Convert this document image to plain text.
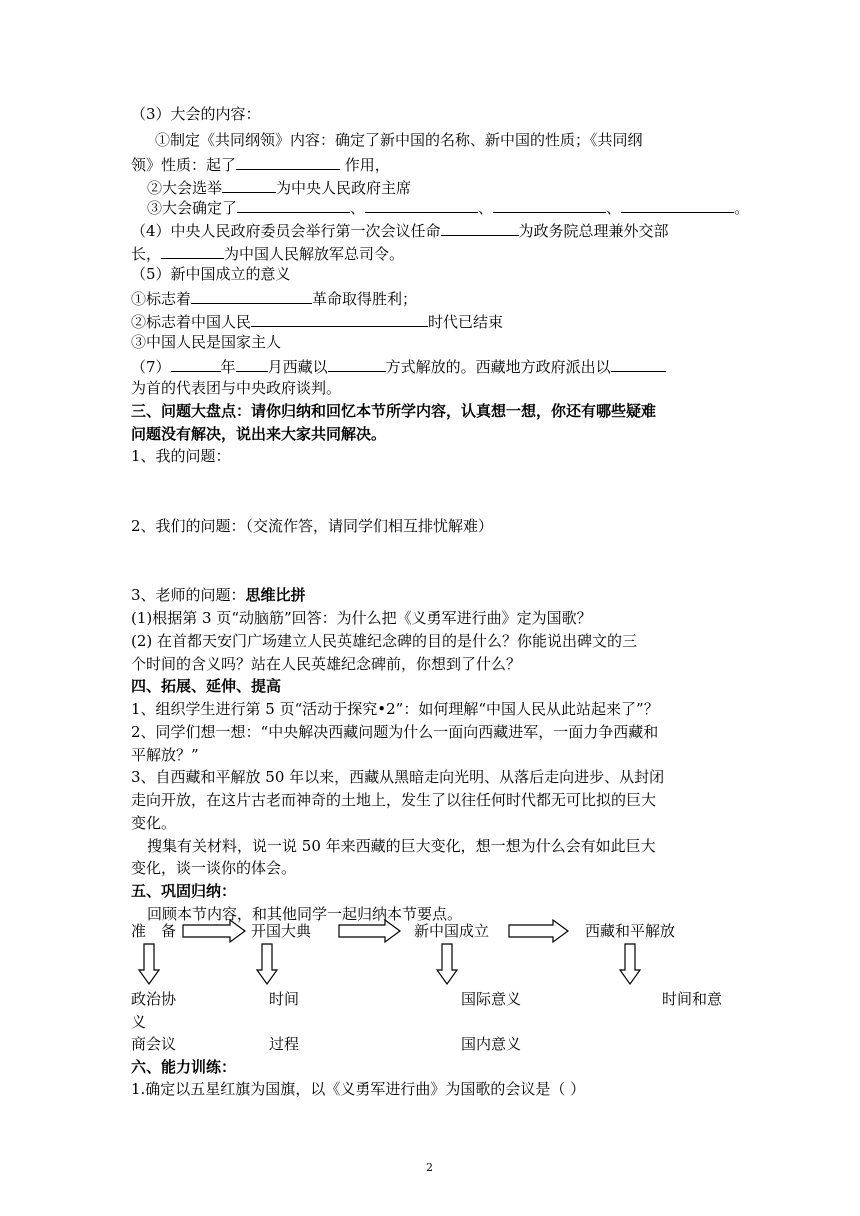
（3）大会的内容：
①制定《共同纲领》内容：确定了新中国的名称、新中国的性质；《共同纲
领》性质：起了	作用，
②大会选举	为中央人民政府主席
③大会确定了	、	、	、	。
（4）中央人民政府委员会举行第一次会议任命	为政务院总理兼外交部
长，	为中国人民解放军总司令。
（5）新中国成立的意义
①标志着	革命取得胜利；
②标志着中国人民	时代已结束
③中国人民是国家主人
（7）	年 月西藏以	方式解放的。西藏地方政府派出以
为首的代表团与中央政府谈判。
三、问题大盘点：请你归纳和回忆本节所学内容，认真想一想，你还有哪些疑难
问题没有解决，说出来大家共同解决。
1、我的问题：
2、我们的问题：（交流作答，请同学们相互排忧解难）
3、老师的问题：思维比拼
(1)根据第 3 页“动脑筋”回答：为什么把《义勇军进行曲》定为国歌？
(2) 在首都天安门广场建立人民英雄纪念碑的目的是什么？你能说出碑文的三
个时间的含义吗？站在人民英雄纪念碑前，你想到了什么？
四、拓展、延伸、提高
1、组织学生进行第 5 页“活动于探究•2”：如何理解“中国人民从此站起来了”？
2、同学们想一想：“中央解决西藏问题为什么一面向西藏进军，一面力争西藏和
平解放？”
3、自西藏和平解放 50 年以来，西藏从黑暗走向光明、从落后走向进步、从封闭
走向开放，在这片古老而神奇的土地上，发生了以往任何时代都无可比拟的巨大
变化。
搜集有关材料，说一说 50 年来西藏的巨大变化，想一想为什么会有如此巨大
变化，谈一谈你的体会。
五、巩固归纳：
回顾本节内容，和其他同学一起归纳本节要点。
准　备	开国大典	新中国成立	西藏和平解放
政治协	时间	国际意义	时间和意
义
商会议	过程	国内意义
六、能力训练：
1.确定以五星红旗为国旗，以《义勇军进行曲》为国歌的会议是（ ）
2
